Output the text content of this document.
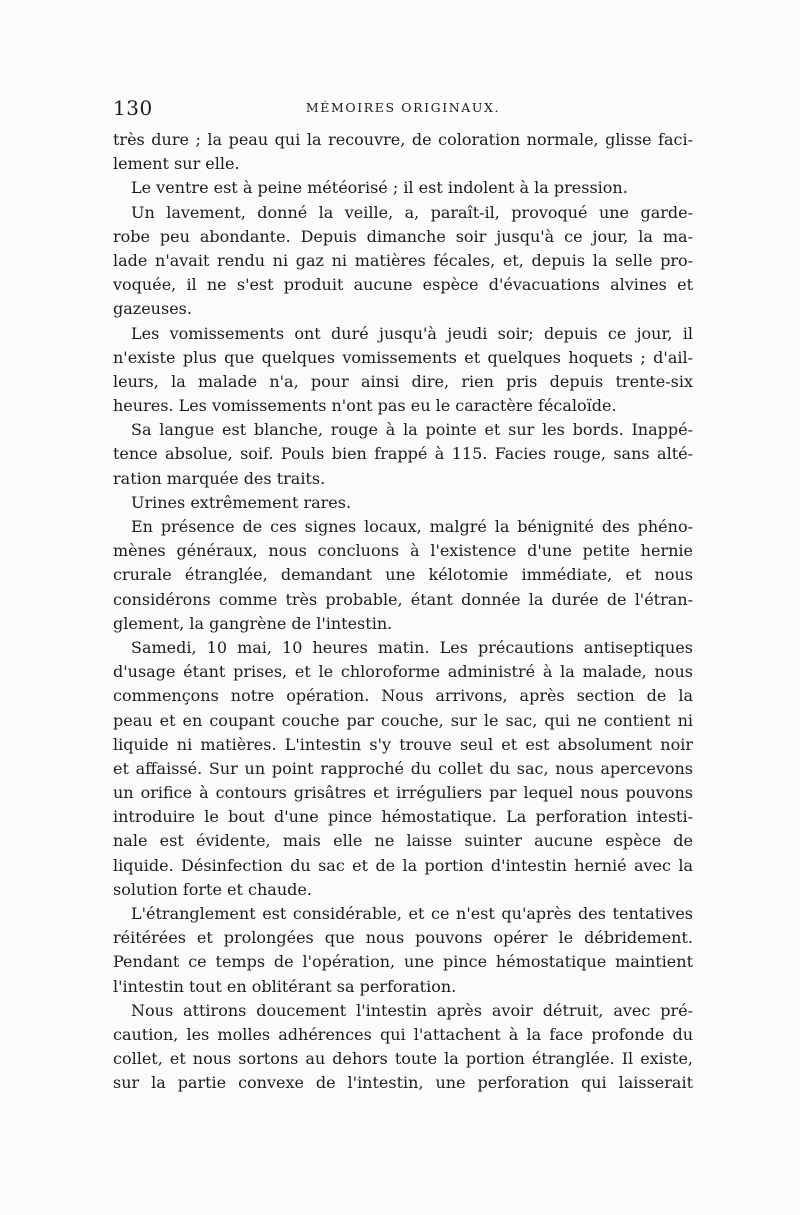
130	MÉMOIRES ORIGINAUX.
très dure ; la peau qui la recouvre, de coloration normale, glisse faci-
lement sur elle.
Le ventre est à peine météorisé ; il est indolent à la pression.
Un lavement, donné la veille, a, paraît-il, provoqué une garde-
robe peu abondante. Depuis dimanche soir jusqu'à ce jour, la ma-
lade n'avait rendu ni gaz ni matières fécales, et, depuis la selle pro-
voquée, il ne s'est produit aucune espèce d'évacuations alvines et
gazeuses.
Les vomissements ont duré jusqu'à jeudi soir; depuis ce jour, il
n'existe plus que quelques vomissements et quelques hoquets ; d'ail-
leurs, la malade n'a, pour ainsi dire, rien pris depuis trente-six
heures. Les vomissements n'ont pas eu le caractère fécaloïde.
Sa langue est blanche, rouge à la pointe et sur les bords. Inappé-
tence absolue, soif. Pouls bien frappé à 115. Facies rouge, sans alté-
ration marquée des traits.
Urines extrêmement rares.
En présence de ces signes locaux, malgré la bénignité des phéno-
mènes généraux, nous concluons à l'existence d'une petite hernie
crurale étranglée, demandant une kélotomie immédiate, et nous
considérons comme très probable, étant donnée la durée de l'étran-
glement, la gangrène de l'intestin.
Samedi, 10 mai, 10 heures matin. Les précautions antiseptiques
d'usage étant prises, et le chloroforme administré à la malade, nous
commençons notre opération. Nous arrivons, après section de la
peau et en coupant couche par couche, sur le sac, qui ne contient ni
liquide ni matières. L'intestin s'y trouve seul et est absolument noir
et affaissé. Sur un point rapproché du collet du sac, nous apercevons
un orifice à contours grisâtres et irréguliers par lequel nous pouvons
introduire le bout d'une pince hémostatique. La perforation intesti-
nale est évidente, mais elle ne laisse suinter aucune espèce de
liquide. Désinfection du sac et de la portion d'intestin hernié avec la
solution forte et chaude.
L'étranglement est considérable, et ce n'est qu'après des tentatives
réitérées et prolongées que nous pouvons opérer le débridement.
Pendant ce temps de l'opération, une pince hémostatique maintient
l'intestin tout en oblitérant sa perforation.
Nous attirons doucement l'intestin après avoir détruit, avec pré-
caution, les molles adhérences qui l'attachent à la face profonde du
collet, et nous sortons au dehors toute la portion étranglée. Il existe,
sur la partie convexe de l'intestin, une perforation qui laisserait
